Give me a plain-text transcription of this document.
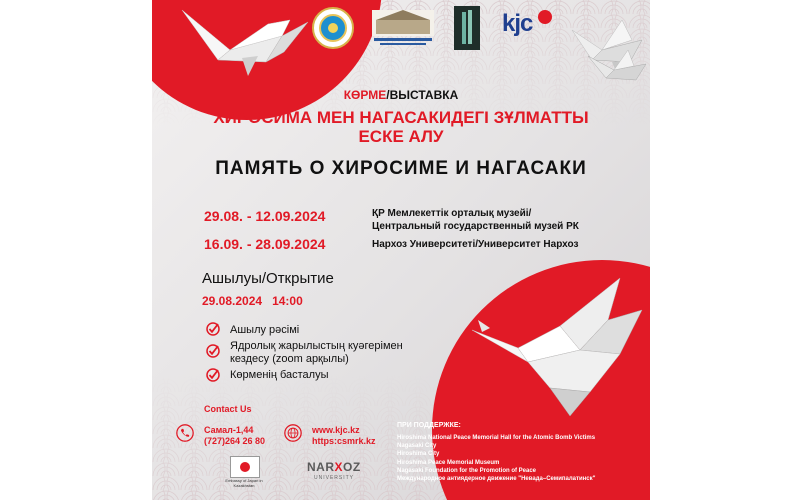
kjc
КӨРМЕ/ВЫСТАВКА
ХИРОСИМА МЕН НАГАСАКИДЕГІ ЗҰЛМАТТЫ
ЕСКЕ АЛУ
ПАМЯТЬ О ХИРОСИМЕ И НАГАСАКИ
29.08. - 12.09.2024	ҚР Мемлекеттік орталық музейі/
Центральный государственный музей РК
16.09. - 28.09.2024	Нархоз Университеті/Университет Нархоз
Ашылуы/Открытие
29.08.2024 14:00
Ашылу рәсімі
Ядролық жарылыстың куәгерімен
кездесу (zoom арқылы)
Көрменің басталуы
Contact Us
Самал-1,44
(727)264 26 80
www.kjc.kz
https:csmrk.kz
ПРИ ПОДДЕРЖКЕ:
Hiroshima National Peace Memorial Hall for the Atomic Bomb Victims
Nagasaki City
Hiroshima City
Hiroshima Peace Memorial Museum
Nagasaki Foundation for the Promotion of Peace
Международное антиядерное движение "Невада–Семипалатинск"
Embassy of Japan in Kazakhstan
NARXOZ
UNIVERSITY
